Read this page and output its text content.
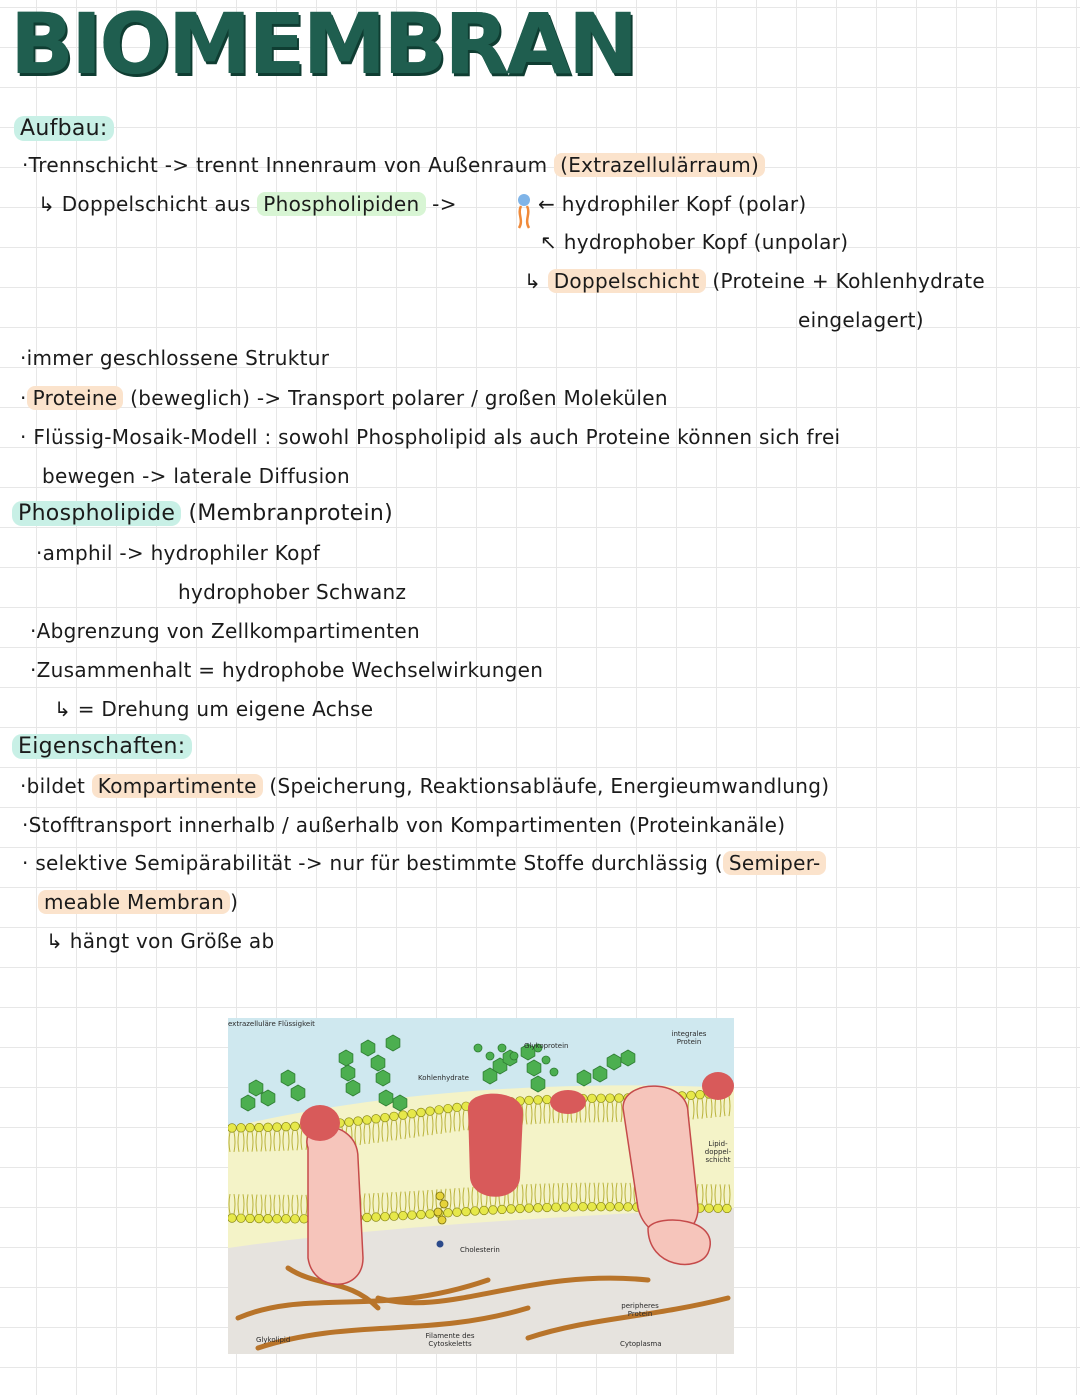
BIOMEMBRAN
Aufbau:
·Trennschicht -> trennt Innenraum von Außenraum (Extrazellulärraum)
↳ Doppelschicht aus Phospholipiden ->	← hydrophiler Kopf (polar)
↖ hydrophober Kopf (unpolar)
↳ Doppelschicht (Proteine + Kohlenhydrate
eingelagert)
·immer geschlossene Struktur
· Proteine (beweglich) -> Transport polarer / großen Molekülen
· Flüssig-Mosaik-Modell : sowohl Phospholipid als auch Proteine können sich frei
bewegen -> laterale Diffusion
Phospholipide (Membranprotein)
·amphil -> hydrophiler Kopf
hydrophober Schwanz
·Abgrenzung von Zellkompartimenten
·Zusammenhalt = hydrophobe Wechselwirkungen
↳ = Drehung um eigene Achse
Eigenschaften:
·bildet Kompartimente (Speicherung, Reaktionsabläufe, Energieumwandlung)
·Stofftransport innerhalb / außerhalb von Kompartimenten (Proteinkanäle)
· selektive Semipärabilität -> nur für bestimmte Stoffe durchlässig ( Semiper-
meable Membran )
↳ hängt von Größe ab
extrazelluläre Flüssigkeit
Kohlenhydrate
Glykoprotein
integrales Protein
Lipid-doppel-schicht
Cholesterin
peripheres Protein
Glykolipid	Filamente des Cytoskeletts	Cytoplasma
